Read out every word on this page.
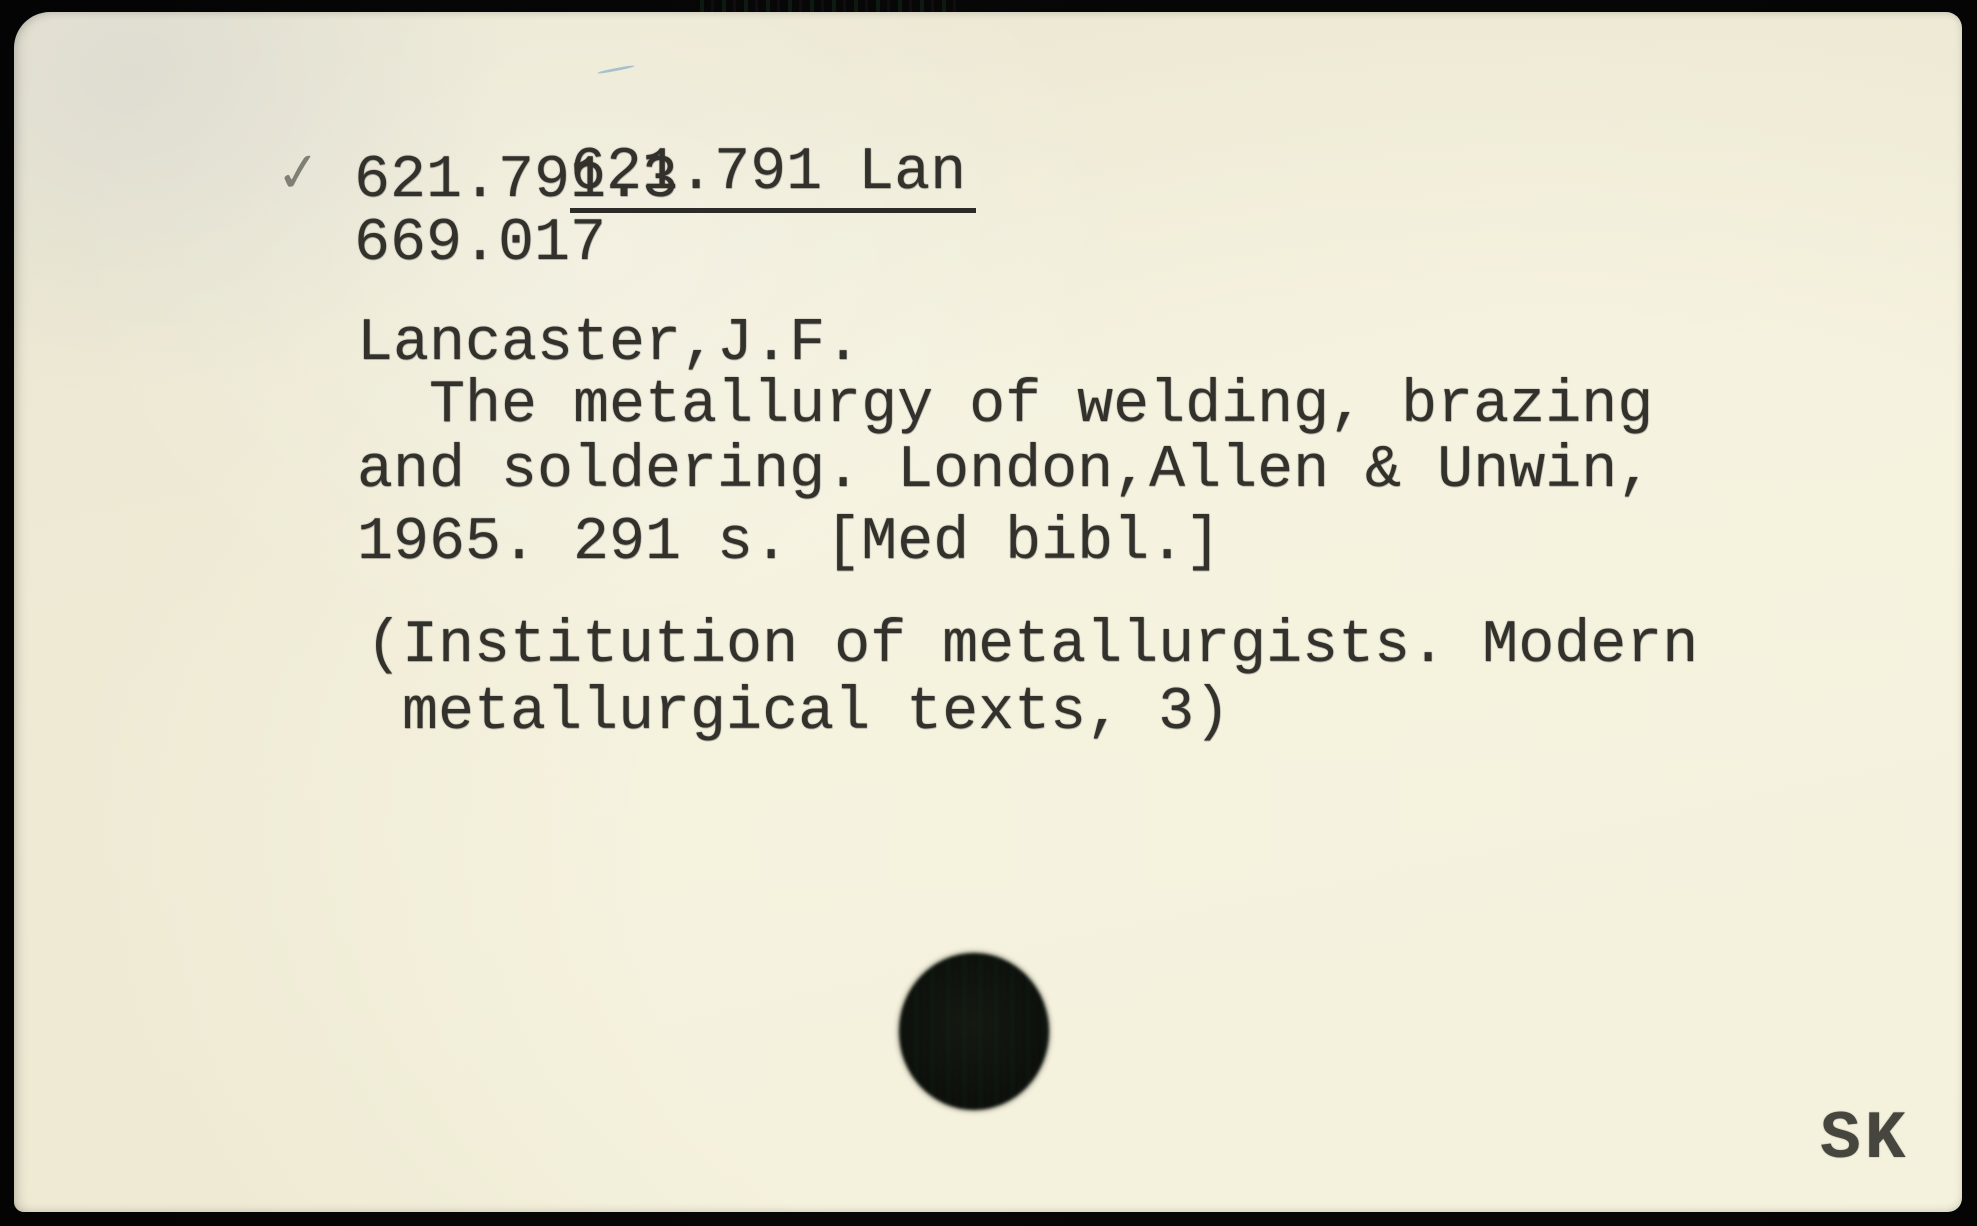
✓	621.791 Lan

621.791.3
669.017
Lancaster,J.F.
The metallurgy of welding, brazing
and soldering. London,Allen & Unwin,
1965. 291 s. [Med bibl.]
(Institution of metallurgists. Modern
metallurgical texts, 3)
SK
